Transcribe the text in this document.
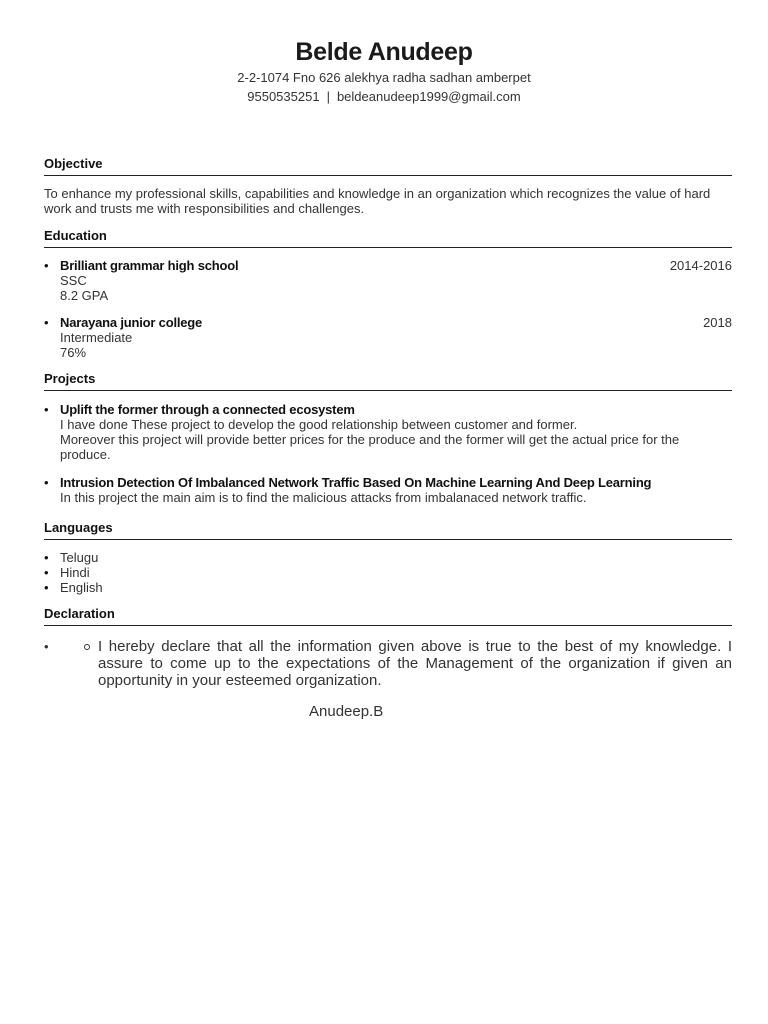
Belde Anudeep
2-2-1074 Fno 626 alekhya radha sadhan amberpet
9550535251 | beldeanudeep1999@gmail.com
Objective
To enhance my professional skills, capabilities and knowledge in an organization which recognizes the value of hard work and trusts me with responsibilities and challenges.
Education
• Brilliant grammar high school	2014-2016
SSC
8.2 GPA
• Narayana junior college	2018
Intermediate
76%
Projects
• Uplift the former through a connected ecosystem
I have done These project to develop the good relationship between customer and former.
Moreover this project will provide better prices for the produce and the former will get the actual price for the produce.
• Intrusion Detection Of Imbalanced Network Traffic Based On Machine Learning And Deep Learning
In this project the main aim is to find the malicious attacks from imbalanaced network traffic.
Languages
• Telugu
• Hindi
• English
Declaration
•	I hereby declare that all the information given above is true to the best of my knowledge. I assure to come up to the expectations of the Management of the organization if given an opportunity in your esteemed organization.
Anudeep.B
